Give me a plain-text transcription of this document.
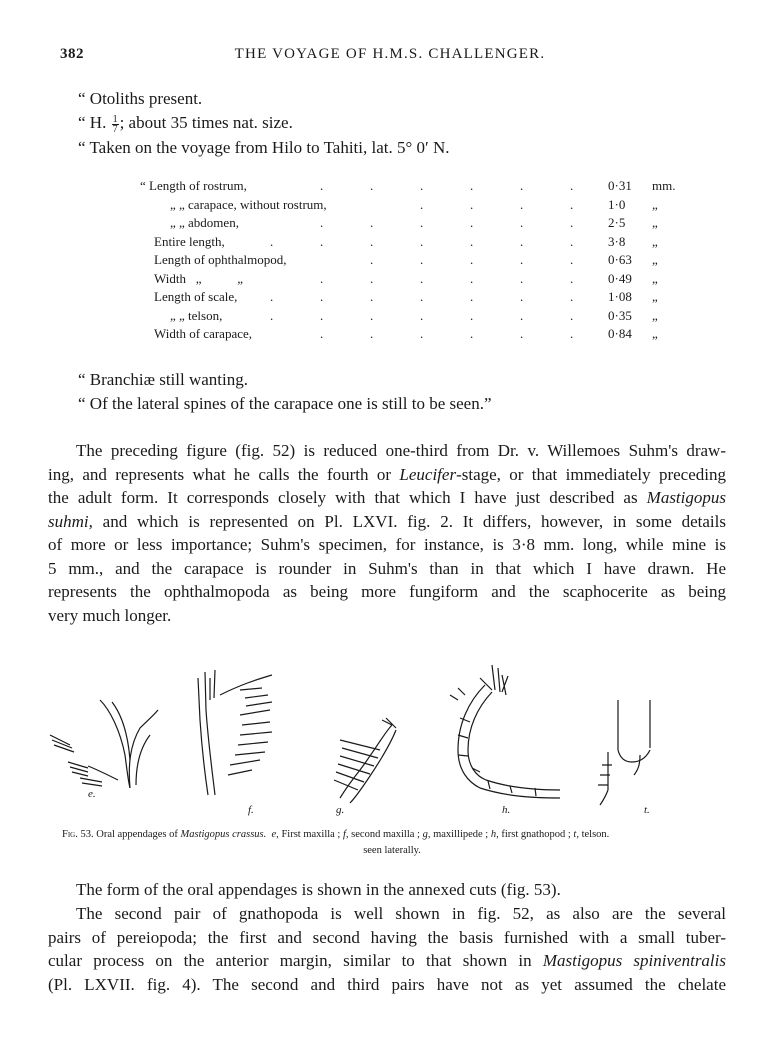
382	THE VOYAGE OF H.M.S. CHALLENGER.
“ Otoliths present.
“ H. $\frac{1}{7}$ ; about 35 times nat. size.
“ Taken on the voyage from Hilo to Tahiti, lat. 5° 0′ N.
“ Length of rostrum,	.	.	.	.	.	.	0·31 mm.
„ „ carapace, without rostrum,	.	.	.	.	1·0 „
„ „ abdomen,	.	.	.	.	.	.	2·5 „
Entire length,	.	.	.	.	.	.	.	3·8 „
Length of ophthalmopod,	.	.	.	.	.	0·63 „
Width   „           „	.	.	.	.	.	.	0·49 „
Length of scale,	.	.	.	.	.	.	.	1·08 „
„ „ telson,	.	.	.	.	.	.	.	0·35 „
Width of carapace,	.	.	.	.	.	.	0·84 „
“ Branchiæ still wanting.
“ Of the lateral spines of the carapace one is still to be seen.”

The preceding figure (fig. 52) is reduced one-third from Dr. v. Willemoes Suhm's draw-
ing, and represents what he calls the fourth or Leucifer-stage, or that immediately preceding
the adult form. It corresponds closely with that which I have just described as Mastigopus
suhmi, and which is represented on Pl. LXVI. fig. 2. It differs, however, in some details
of more or less importance; Suhm's specimen, for instance, is 3·8 mm. long, while mine is
5 mm., and the carapace is rounder in Suhm's than in that which I have drawn. He
represents the ophthalmopoda as being more fungiform and the scaphocerite as being
very much longer.

e.
f.	g.	h.	t.
Fig. 53. Oral appendages of Mastigopus crassus. e, First maxilla ; f, second maxilla ; g, maxillipede ; h, first gnathopod ; t, telson.
seen laterally.

The form of the oral appendages is shown in the annexed cuts (fig. 53).

The second pair of gnathopoda is well shown in fig. 52, as also are the several
pairs of pereiopoda; the first and second having the basis furnished with a small tuber-
cular process on the anterior margin, similar to that shown in Mastigopus spiniventralis
(Pl. LXVII. fig. 4). The second and third pairs have not as yet assumed the chelate
